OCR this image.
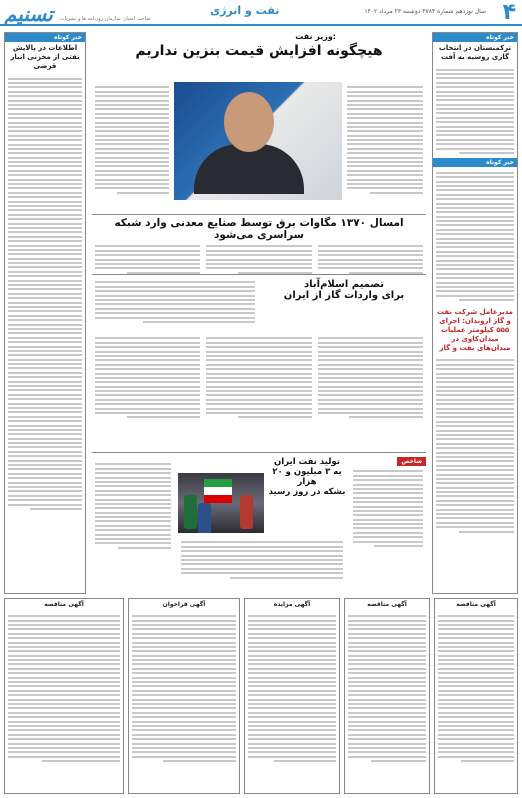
تسنیم صاحب امتیاز: سازمان روزنامه ها و نشریات
نفت و انرژی	سال نوزدهم شماره ۴۷۸۴ دوشنبه ۲۳ مرداد ۱۴۰۲ ۴
خبر کوتاه
ترکمنستان در انتخاب گازی روسیه به آفت
خبر کوتاه
مدیرعامل شرکت نفت و گاز اروندان: اجرای ۵۵۵ کیلومتر عملیات میدان‌کاوی در میدان‌های نفت و گاز
خبر کوتاه
اطلاعات در پالایش نفتی از مخزنی انبار قرضی
وزیر نفت:
هیچگونه افزایش قیمت بنزین نداریم
امسال ۱۳۷۰ مگاوات برق توسط صنایع معدنی وارد شبکه سراسری می‌شود
تصمیم اسلام‌آباد
برای واردات گاز از ایران
تولید نفت ایران
به ۳ میلیون و ۲۰ هزار
بشکه در روز رسید
شاخص
آگهی مناقصه	آگهی فراخوان	آگهی مزایده	آگهی مناقصه	آگهی مناقصه
